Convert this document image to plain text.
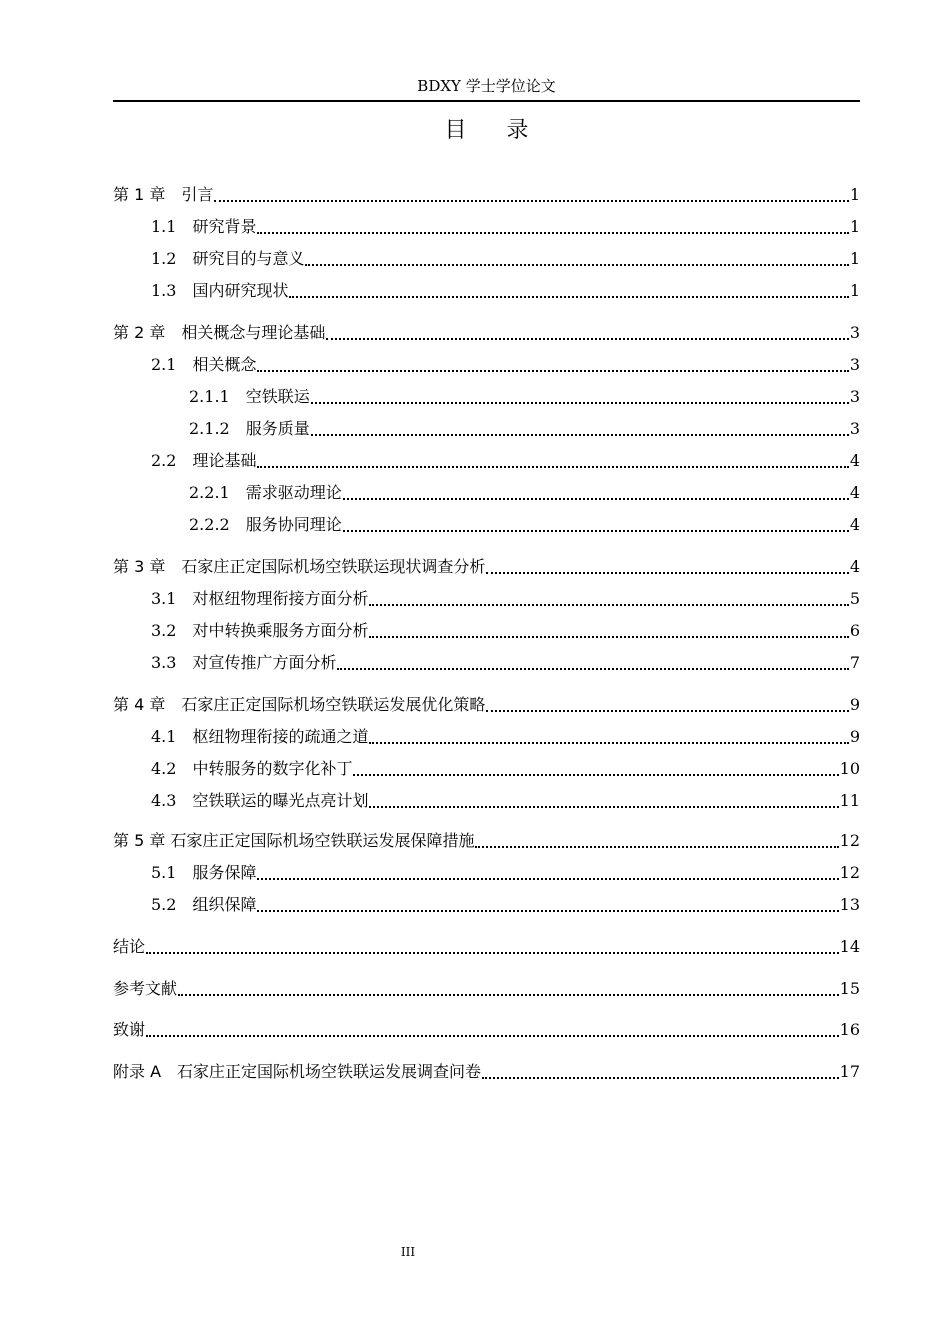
BDXY 学士学位论文
目录
第 1 章　 引言	1
1.1　 研究背景	1
1.2　 研究目的与意义	1
1.3　 国内研究现状	1
第 2 章　 相关概念与理论基础	3
2.1　 相关概念	3
2.1.1　 空铁联运	3
2.1.2　 服务质量	3
2.2　 理论基础	4
2.2.1　 需求驱动理论	4
2.2.2　 服务协同理论	4
第 3 章　 石家庄正定国际机场空铁联运现状调查分析	4
3.1　 对枢纽物理衔接方面分析	5
3.2　 对中转换乘服务方面分析	6
3.3　 对宣传推广方面分析	7
第 4 章　 石家庄正定国际机场空铁联运发展优化策略	9
4.1　 枢纽物理衔接的疏通之道	9
4.2　 中转服务的数字化补丁	10
4.3　 空铁联运的曝光点亮计划	11
第 5 章 石家庄正定国际机场空铁联运发展保障措施	12
5.1　 服务保障	12
5.2　 组织保障	13
结论	14
参考文献	15
致谢	16
附录 A　 石家庄正定国际机场空铁联运发展调查问卷	17
III
